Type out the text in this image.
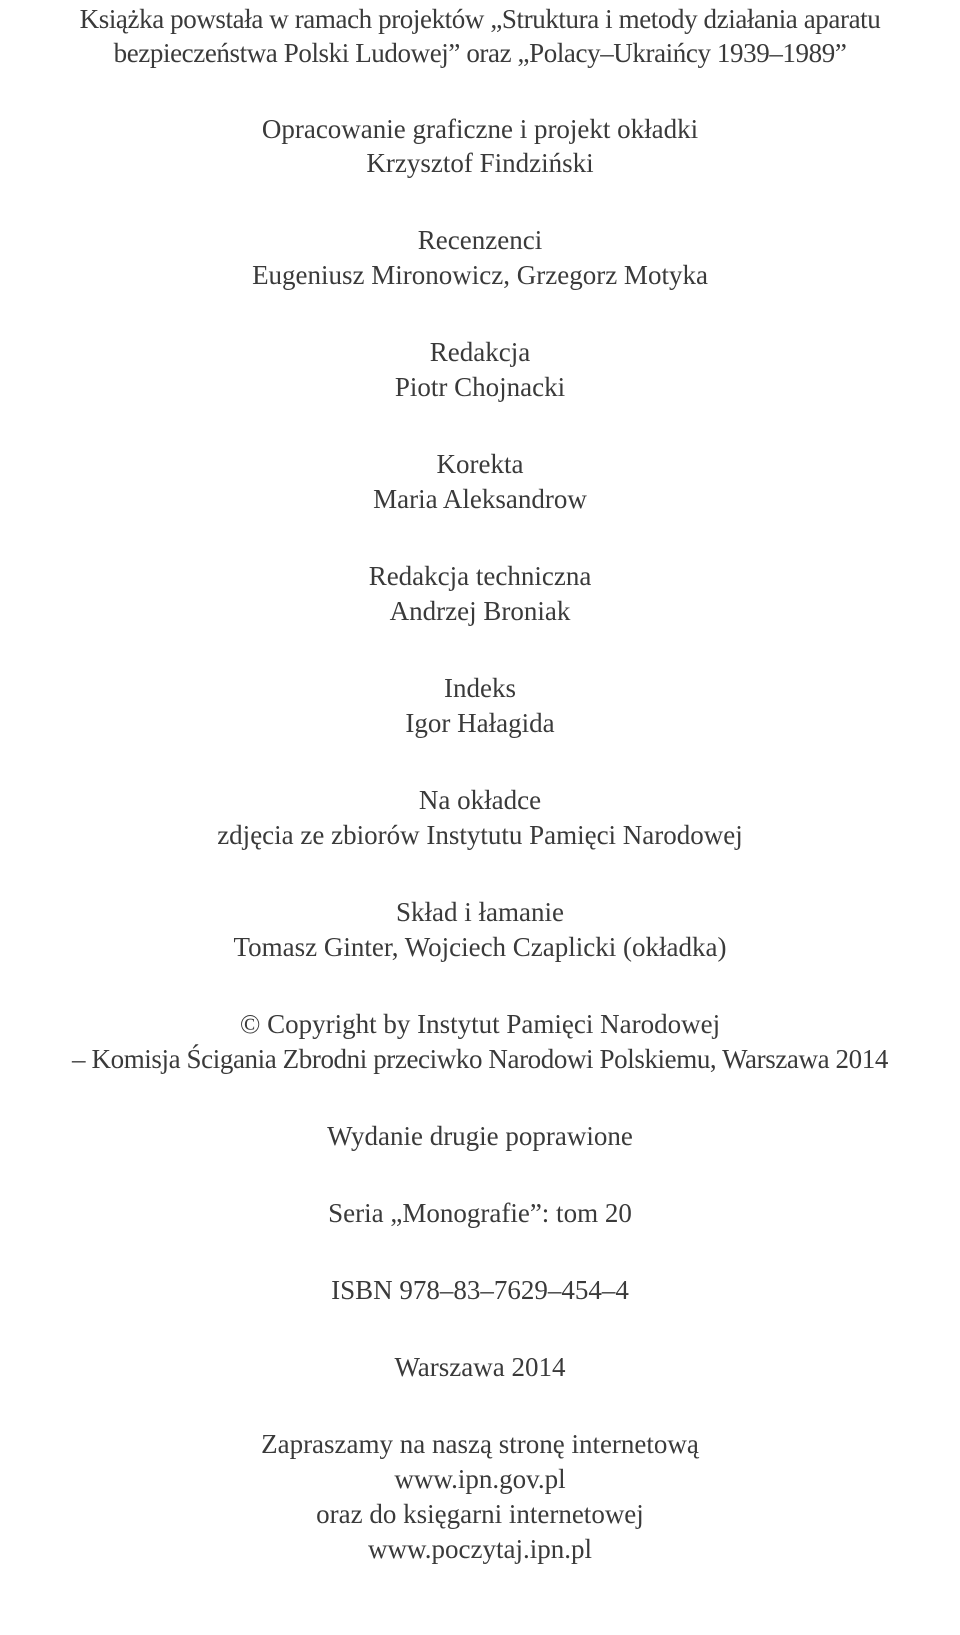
Książka powstała w ramach projektów „Struktura i metody działania aparatu
bezpieczeństwa Polski Ludowej” oraz „Polacy–Ukraińcy 1939–1989”
Opracowanie graficzne i projekt okładki
Krzysztof Findziński
Recenzenci
Eugeniusz Mironowicz, Grzegorz Motyka
Redakcja
Piotr Chojnacki
Korekta
Maria Aleksandrow
Redakcja techniczna
Andrzej Broniak
Indeks
Igor Hałagida
Na okładce
zdjęcia ze zbiorów Instytutu Pamięci Narodowej
Skład i łamanie
Tomasz Ginter, Wojciech Czaplicki (okładka)
© Copyright by Instytut Pamięci Narodowej
– Komisja Ścigania Zbrodni przeciwko Narodowi Polskiemu, Warszawa 2014
Wydanie drugie poprawione
Seria „Monografie”: tom 20
ISBN 978–83–7629–454–4
Warszawa 2014
Zapraszamy na naszą stronę internetową
www.ipn.gov.pl
oraz do księgarni internetowej
www.poczytaj.ipn.pl
